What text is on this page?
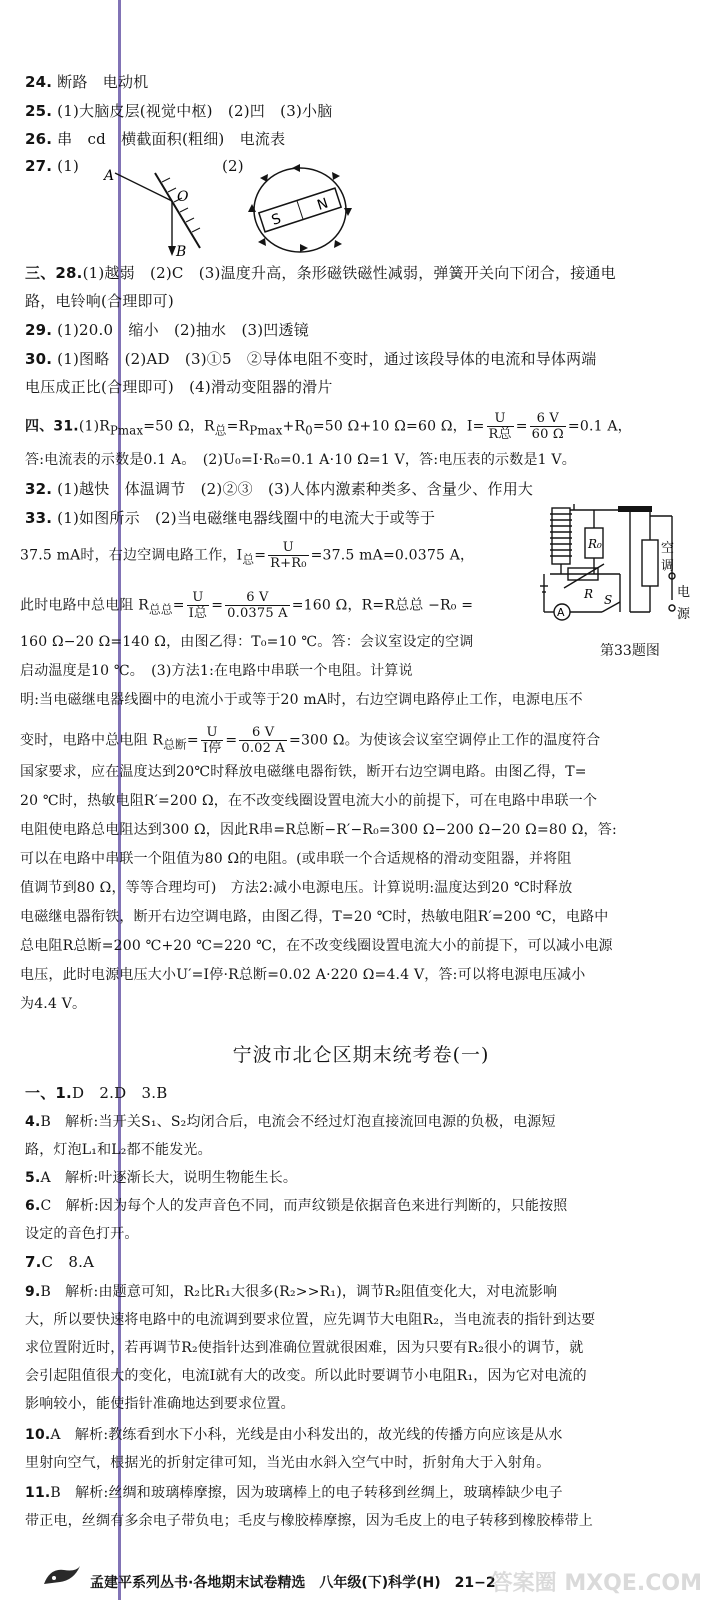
24. 断路　电动机
25. (1)大脑皮层(视觉中枢)　(2)凹　(3)小脑
26. 串　cd　横截面积(粗细)　电流表
27. (1)	(2)
A
O
B
S
N
三、28.(1)越弱　(2)C　(3)温度升高，条形磁铁磁性减弱，弹簧开关向下闭合，接通电
路，电铃响(合理即可)
29. (1)20.0　缩小　(2)抽水　(3)凹透镜
30. (1)图略　(2)AD　(3)①5　②导体电阻不变时，通过该段导体的电流和导体两端
电压成正比(合理即可)　(4)滑动变阻器的滑片
四、$31.(1)R_{Pmax}=50$ Ω，$R_总=R_{Pmax}+R_0=50$ Ω+10 Ω=60 Ω，$I= \frac{U}{\text{R总}} = \frac{6 V}{60 \Omega} =0.1$ A，
答:电流表的示数是0.1 A。　(2)U₀=I·R₀=0.1 A·10 Ω=1 V，答:电压表的示数是1 V。
32. (1)越快　体温调节　(2)②③　(3)人体内激素种类多、含量少、作用大
33. (1)如图所示　(2)当电磁继电器线圈中的电流大于或等于
37.5 mA时，右边空调电路工作，$I_总= \frac{U}{\text{R+R₀}} =37.5$ mA=0.0375 A，
此时电路中总电阻 $R_{总总}= \frac{U}{\text{I总}} = \frac{6 V}{0.0375 A} =160$ Ω，R=R总总 −R₀ =
160 Ω−20 Ω=140 Ω，由图乙得：T₀=10 ℃。答：会议室设定的空调
启动温度是10 ℃。　(3)方法1:在电路中串联一个电阻。计算说
明:当电磁继电器线圈中的电流小于或等于20 mA时，右边空调电路停止工作，电源电压不
变时，电路中总电阻 $R_{总断}= \frac{U}{\text{I停}} = \frac{6 V}{0.02 A} =300$ Ω。为使该会议室空调停止工作的温度符合
国家要求，应在温度达到20℃时释放电磁继电器衔铁，断开右边空调电路。由图乙得，T=
20 ℃时，热敏电阻R′=200 Ω，在不改变线圈设置电流大小的前提下，可在电路中串联一个
电阻使电路总电阻达到300 Ω，因此R串=R总断−R′−R₀=300 Ω−200 Ω−20 Ω=80 Ω，答:
可以在电路中串联一个阻值为80 Ω的电阻。(或串联一个合适规格的滑动变阻器，并将阻
值调节到80 Ω，等等合理均可)　方法2:减小电源电压。计算说明:温度达到20 ℃时释放
电磁继电器衔铁，断开右边空调电路，由图乙得，T=20 ℃时，热敏电阻R′=200 ℃，电路中
总电阻R总断=200 ℃+20 ℃=220 ℃，在不改变线圈设置电流大小的前提下，可以减小电源
电压，此时电源电压大小U′=I停·R总断=0.02 A·220 Ω=4.4 V，答:可以将电源电压减小
为4.4 V。
R₀
R S
A
空
调
电
源
第33题图
宁波市北仑区期末统考卷(一)
一、1.D　2.D　3.B
4.B　解析:当开关S₁、S₂均闭合后，电流会不经过灯泡直接流回电源的负极，电源短
路，灯泡L₁和L₂都不能发光。
5.A　解析:叶逐渐长大，说明生物能生长。
6.C　解析:因为每个人的发声音色不同，而声纹锁是依据音色来进行判断的，只能按照
设定的音色打开。
7.C　8.A
9.B　解析:由题意可知，R₂比R₁大很多(R₂>>R₁)，调节R₂阻值变化大，对电流影响
大，所以要快速将电路中的电流调到要求位置，应先调节大电阻R₂，当电流表的指针到达要
求位置附近时，若再调节R₂使指针达到准确位置就很困难，因为只要有R₂很小的调节，就
会引起阻值很大的变化，电流I就有大的改变。所以此时要调节小电阻R₁，因为它对电流的
影响较小，能使指针准确地达到要求位置。
10.A　解析:教练看到水下小科，光线是由小科发出的，故光线的传播方向应该是从水
里射向空气，根据光的折射定律可知，当光由水斜入空气中时，折射角大于入射角。
11.B　解析:丝绸和玻璃棒摩擦，因为玻璃棒上的电子转移到丝绸上，玻璃棒缺少电子
带正电，丝绸有多余电子带负电；毛皮与橡胶棒摩擦，因为毛皮上的电子转移到橡胶棒带上
孟建平系列丛书·各地期末试卷精选　八年级(下)科学(H)　21−2
答案圈 MXQE.COM
